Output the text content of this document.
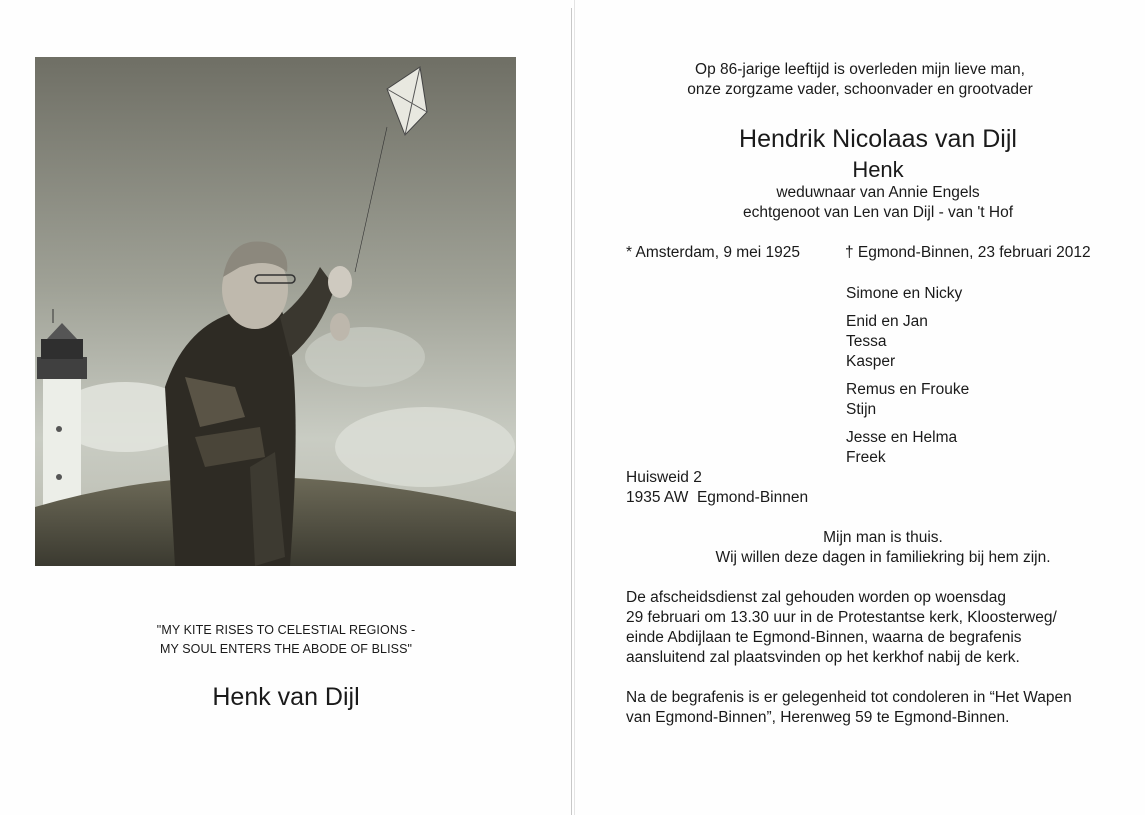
"MY KITE RISES TO CELESTIAL REGIONS -
MY SOUL ENTERS THE ABODE OF BLISS"
Henk van Dijl
Op 86-jarige leeftijd is overleden mijn lieve man,
onze zorgzame vader, schoonvader en grootvader
Hendrik Nicolaas van Dijl
Henk
weduwnaar van Annie Engels
echtgenoot van Len van Dijl - van 't Hof
* Amsterdam, 9 mei 1925	† Egmond-Binnen, 23 februari 2012
Simone en Nicky
Enid en Jan
Tessa
Kasper
Remus en Frouke
Stijn
Jesse en Helma
Freek
Huisweid 2
1935 AW  Egmond-Binnen
Mijn man is thuis.
Wij willen deze dagen in familiekring bij hem zijn.
De afscheidsdienst zal gehouden worden op woensdag
29 februari om 13.30 uur in de Protestantse kerk, Kloosterweg/
einde Abdijlaan te Egmond-Binnen, waarna de begrafenis
aansluitend zal plaatsvinden op het kerkhof nabij de kerk.
Na de begrafenis is er gelegenheid tot condoleren in “Het Wapen
van Egmond-Binnen”, Herenweg 59 te Egmond-Binnen.
